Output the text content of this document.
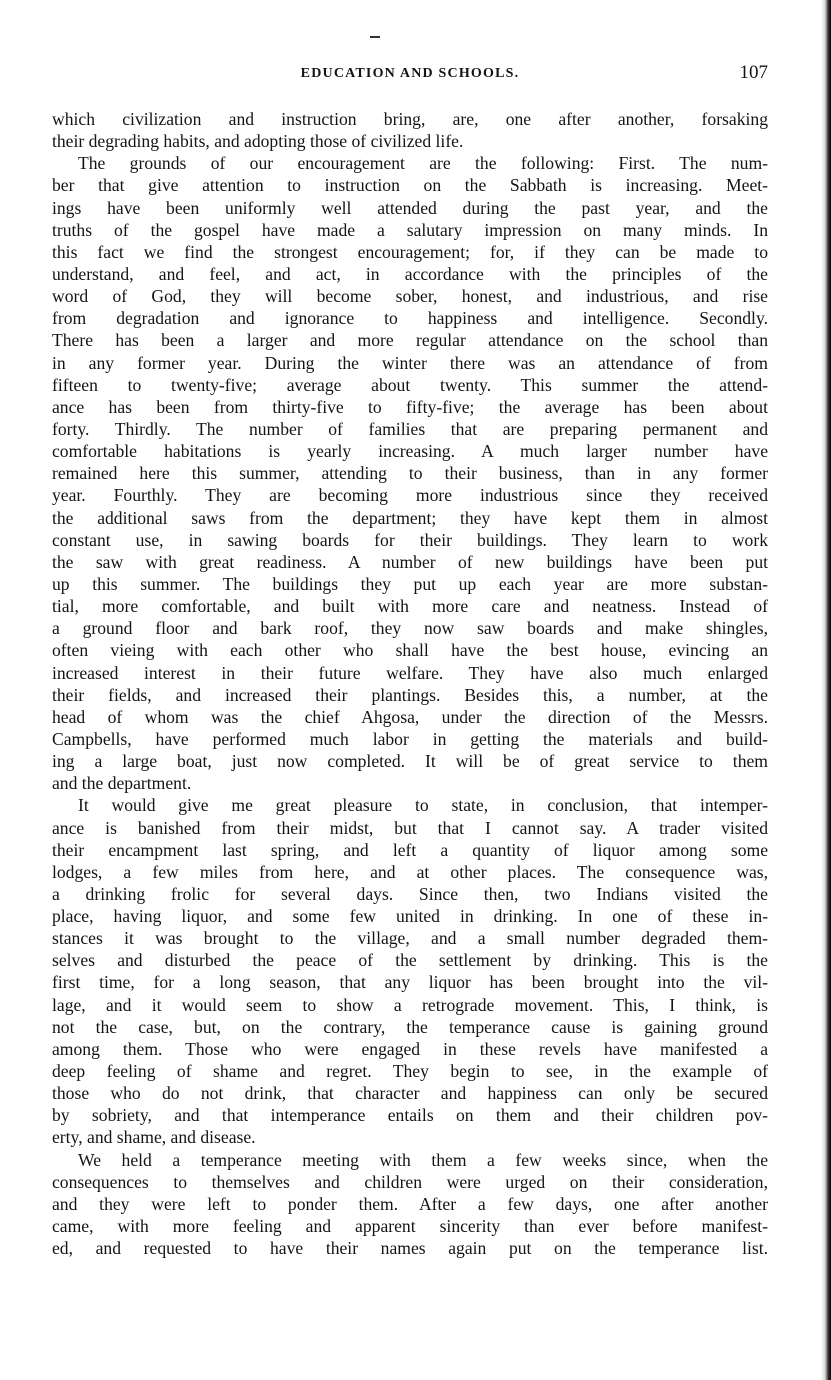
EDUCATION AND SCHOOLS.	107
which civilization and instruction bring, are, one after another, forsaking
their degrading habits, and adopting those of civilized life.
The grounds of our encouragement are the following: First. The num-
ber that give attention to instruction on the Sabbath is increasing. Meet-
ings have been uniformly well attended during the past year, and the
truths of the gospel have made a salutary impression on many minds. In
this fact we find the strongest encouragement; for, if they can be made to
understand, and feel, and act, in accordance with the principles of the
word of God, they will become sober, honest, and industrious, and rise
from degradation and ignorance to happiness and intelligence. Secondly.
There has been a larger and more regular attendance on the school than
in any former year. During the winter there was an attendance of from
fifteen to twenty-five; average about twenty. This summer the attend-
ance has been from thirty-five to fifty-five; the average has been about
forty. Thirdly. The number of families that are preparing permanent and
comfortable habitations is yearly increasing. A much larger number have
remained here this summer, attending to their business, than in any former
year. Fourthly. They are becoming more industrious since they received
the additional saws from the department; they have kept them in almost
constant use, in sawing boards for their buildings. They learn to work
the saw with great readiness. A number of new buildings have been put
up this summer. The buildings they put up each year are more substan-
tial, more comfortable, and built with more care and neatness. Instead of
a ground floor and bark roof, they now saw boards and make shingles,
often vieing with each other who shall have the best house, evincing an
increased interest in their future welfare. They have also much enlarged
their fields, and increased their plantings. Besides this, a number, at the
head of whom was the chief Ahgosa, under the direction of the Messrs.
Campbells, have performed much labor in getting the materials and build-
ing a large boat, just now completed. It will be of great service to them
and the department.
It would give me great pleasure to state, in conclusion, that intemper-
ance is banished from their midst, but that I cannot say. A trader visited
their encampment last spring, and left a quantity of liquor among some
lodges, a few miles from here, and at other places. The consequence was,
a drinking frolic for several days. Since then, two Indians visited the
place, having liquor, and some few united in drinking. In one of these in-
stances it was brought to the village, and a small number degraded them-
selves and disturbed the peace of the settlement by drinking. This is the
first time, for a long season, that any liquor has been brought into the vil-
lage, and it would seem to show a retrograde movement. This, I think, is
not the case, but, on the contrary, the temperance cause is gaining ground
among them. Those who were engaged in these revels have manifested a
deep feeling of shame and regret. They begin to see, in the example of
those who do not drink, that character and happiness can only be secured
by sobriety, and that intemperance entails on them and their children pov-
erty, and shame, and disease.
We held a temperance meeting with them a few weeks since, when the
consequences to themselves and children were urged on their consideration,
and they were left to ponder them. After a few days, one after another
came, with more feeling and apparent sincerity than ever before manifest-
ed, and requested to have their names again put on the temperance list.
